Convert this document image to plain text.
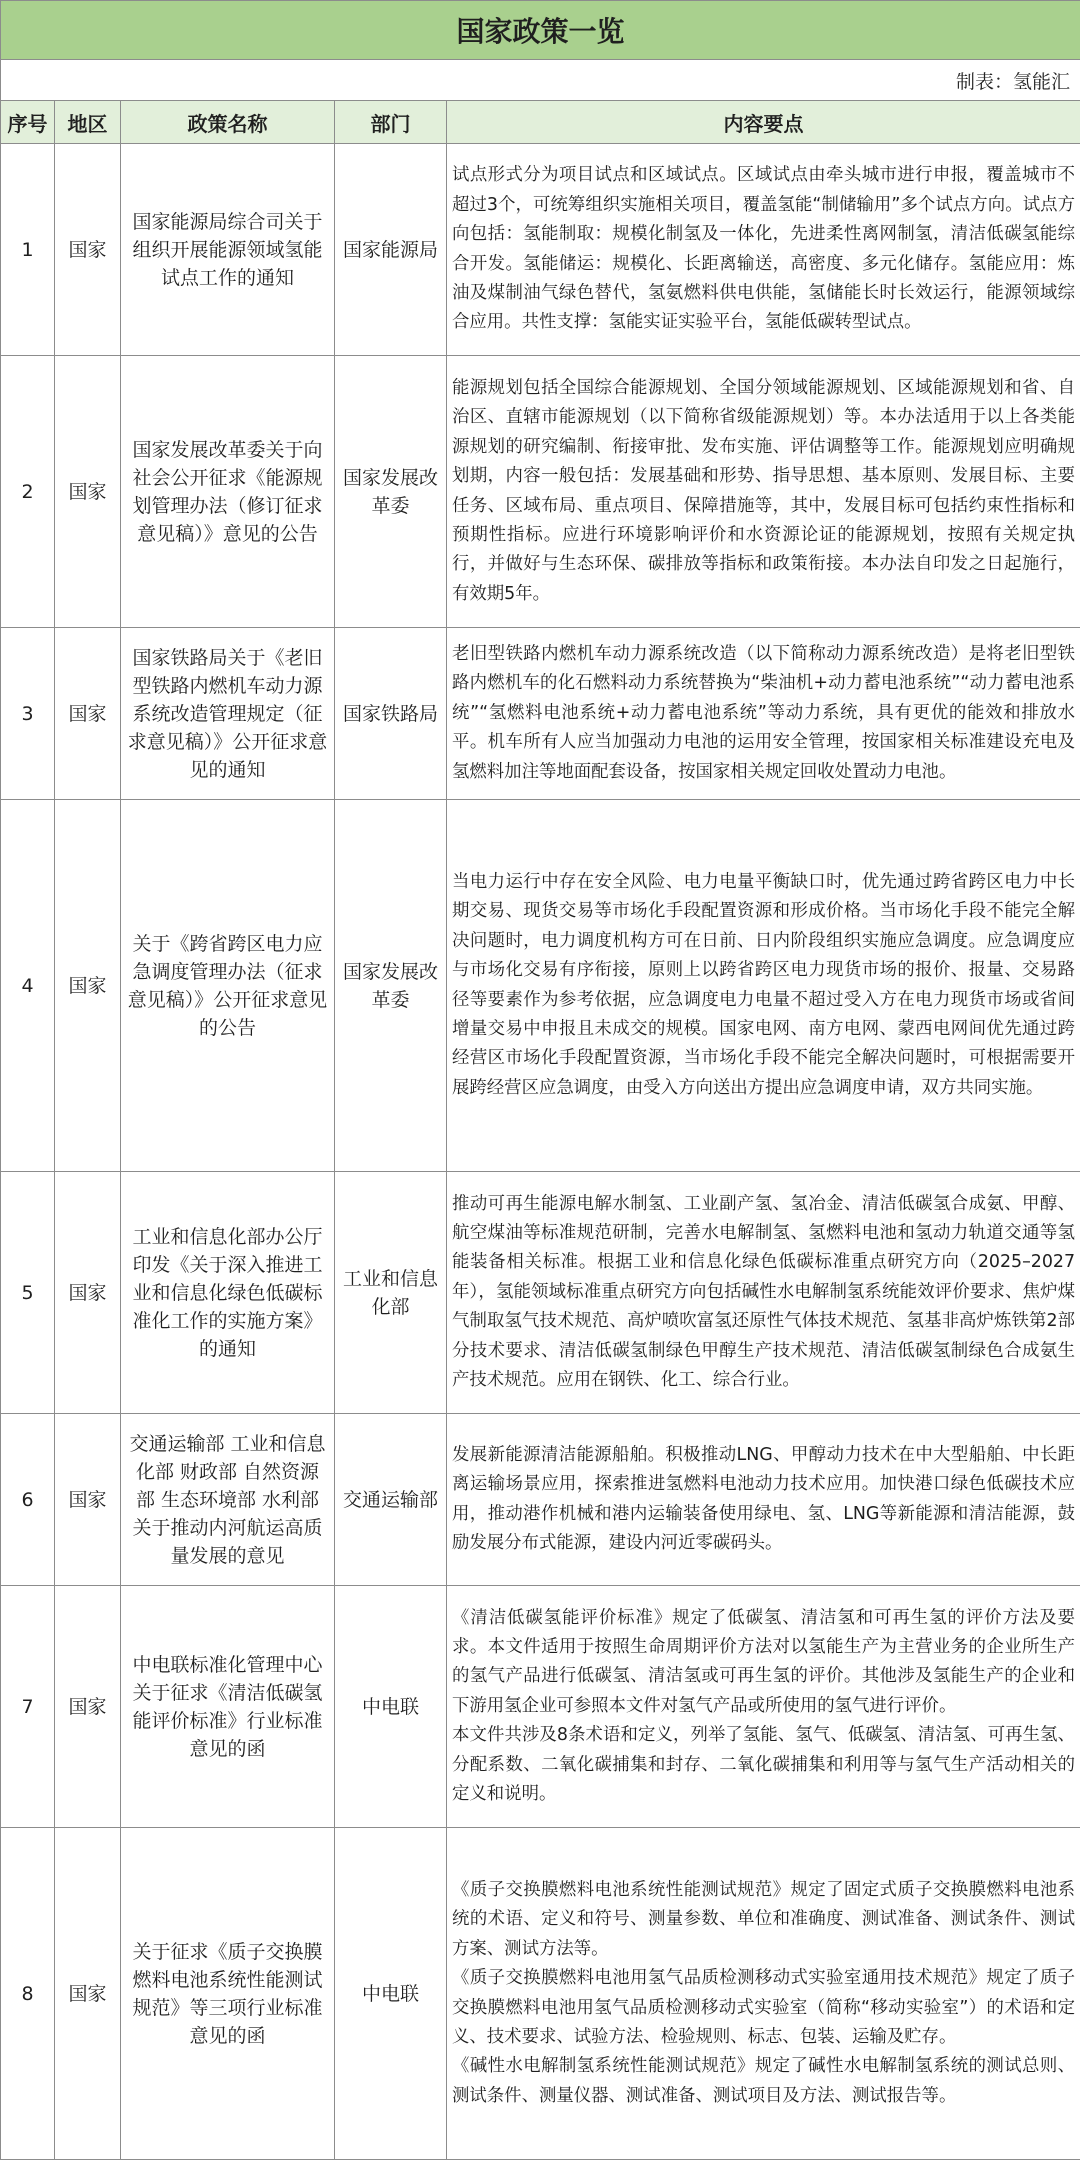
国家政策一览				
制表：氢能汇				
序号	地区	政策名称	部门	内容要点
1	国家	国家能源局综合司关于组织开展能源领域氢能试点工作的通知	国家能源局	试点形式分为项目试点和区域试点。区域试点由牵头城市进行申报，覆盖城市不超过3个，可统筹组织实施相关项目，覆盖氢能“制储输用”多个试点方向。试点方向包括：氢能制取：规模化制氢及一体化，先进柔性离网制氢，清洁低碳氢能综合开发。氢能储运：规模化、长距离输送，高密度、多元化储存。氢能应用：炼油及煤制油气绿色替代，氢氨燃料供电供能，氢储能长时长效运行，能源领域综合应用。共性支撑：氢能实证实验平台，氢能低碳转型试点。

2	国家	国家发展改革委关于向社会公开征求《能源规划管理办法（修订征求意见稿）》意见的公告	国家发展改革委	能源规划包括全国综合能源规划、全国分领域能源规划、区域能源规划和省、自治区、直辖市能源规划（以下简称省级能源规划）等。本办法适用于以上各类能源规划的研究编制、衔接审批、发布实施、评估调整等工作。能源规划应明确规划期，内容一般包括：发展基础和形势、指导思想、基本原则、发展目标、主要任务、区域布局、重点项目、保障措施等，其中，发展目标可包括约束性指标和预期性指标。应进行环境影响评价和水资源论证的能源规划，按照有关规定执行，并做好与生态环保、碳排放等指标和政策衔接。本办法自印发之日起施行，有效期5年。

3	国家	国家铁路局关于《老旧型铁路内燃机车动力源系统改造管理规定（征求意见稿）》公开征求意见的通知	国家铁路局	老旧型铁路内燃机车动力源系统改造（以下简称动力源系统改造）是将老旧型铁路内燃机车的化石燃料动力系统替换为“柴油机+动力蓄电池系统”“动力蓄电池系统”“氢燃料电池系统+动力蓄电池系统”等动力系统，具有更优的能效和排放水平。机车所有人应当加强动力电池的运用安全管理，按国家相关标准建设充电及氢燃料加注等地面配套设备，按国家相关规定回收处置动力电池。

4	国家	关于《跨省跨区电力应急调度管理办法（征求意见稿）》公开征求意见的公告	国家发展改革委	当电力运行中存在安全风险、电力电量平衡缺口时，优先通过跨省跨区电力中长期交易、现货交易等市场化手段配置资源和形成价格。当市场化手段不能完全解决问题时，电力调度机构方可在日前、日内阶段组织实施应急调度。应急调度应与市场化交易有序衔接，原则上以跨省跨区电力现货市场的报价、报量、交易路径等要素作为参考依据，应急调度电力电量不超过受入方在电力现货市场或省间增量交易中申报且未成交的规模。国家电网、南方电网、蒙西电网间优先通过跨经营区市场化手段配置资源，当市场化手段不能完全解决问题时，可根据需要开展跨经营区应急调度，由受入方向送出方提出应急调度申请，双方共同实施。

5	国家	工业和信息化部办公厅印发《关于深入推进工业和信息化绿色低碳标准化工作的实施方案》的通知	工业和信息化部	推动可再生能源电解水制氢、工业副产氢、氢冶金、清洁低碳氢合成氨、甲醇、航空煤油等标准规范研制，完善水电解制氢、氢燃料电池和氢动力轨道交通等氢能装备相关标准。根据工业和信息化绿色低碳标准重点研究方向（2025–2027年），氢能领域标准重点研究方向包括碱性水电解制氢系统能效评价要求、焦炉煤气制取氢气技术规范、高炉喷吹富氢还原性气体技术规范、氢基非高炉炼铁第2部分技术要求、清洁低碳氢制绿色甲醇生产技术规范、清洁低碳氢制绿色合成氨生产技术规范。应用在钢铁、化工、综合行业。

6	国家	交通运输部 工业和信息化部 财政部 自然资源部 生态环境部 水利部关于推动内河航运高质量发展的意见	交通运输部	发展新能源清洁能源船舶。积极推动LNG、甲醇动力技术在中大型船舶、中长距离运输场景应用，探索推进氢燃料电池动力技术应用。加快港口绿色低碳技术应用，推动港作机械和港内运输装备使用绿电、氢、LNG等新能源和清洁能源，鼓励发展分布式能源，建设内河近零碳码头。

7	国家	中电联标准化管理中心关于征求《清洁低碳氢能评价标准》行业标准意见的函	中电联	《清洁低碳氢能评价标准》规定了低碳氢、清洁氢和可再生氢的评价方法及要求。本文件适用于按照生命周期评价方法对以氢能生产为主营业务的企业所生产的氢气产品进行低碳氢、清洁氢或可再生氢的评价。其他涉及氢能生产的企业和下游用氢企业可参照本文件对氢气产品或所使用的氢气进行评价。

本文件共涉及8条术语和定义，列举了氢能、氢气、低碳氢、清洁氢、可再生氢、分配系数、二氧化碳捕集和封存、二氧化碳捕集和利用等与氢气生产活动相关的定义和说明。

8	国家	关于征求《质子交换膜燃料电池系统性能测试规范》等三项行业标准意见的函	中电联	《质子交换膜燃料电池系统性能测试规范》规定了固定式质子交换膜燃料电池系统的术语、定义和符号、测量参数、单位和准确度、测试准备、测试条件、测试方案、测试方法等。

《质子交换膜燃料电池用氢气品质检测移动式实验室通用技术规范》规定了质子交换膜燃料电池用氢气品质检测移动式实验室（简称“移动实验室”）的术语和定义、技术要求、试验方法、检验规则、标志、包装、运输及贮存。

《碱性水电解制氢系统性能测试规范》规定了碱性水电解制氢系统的测试总则、测试条件、测量仪器、测试准备、测试项目及方法、测试报告等。
